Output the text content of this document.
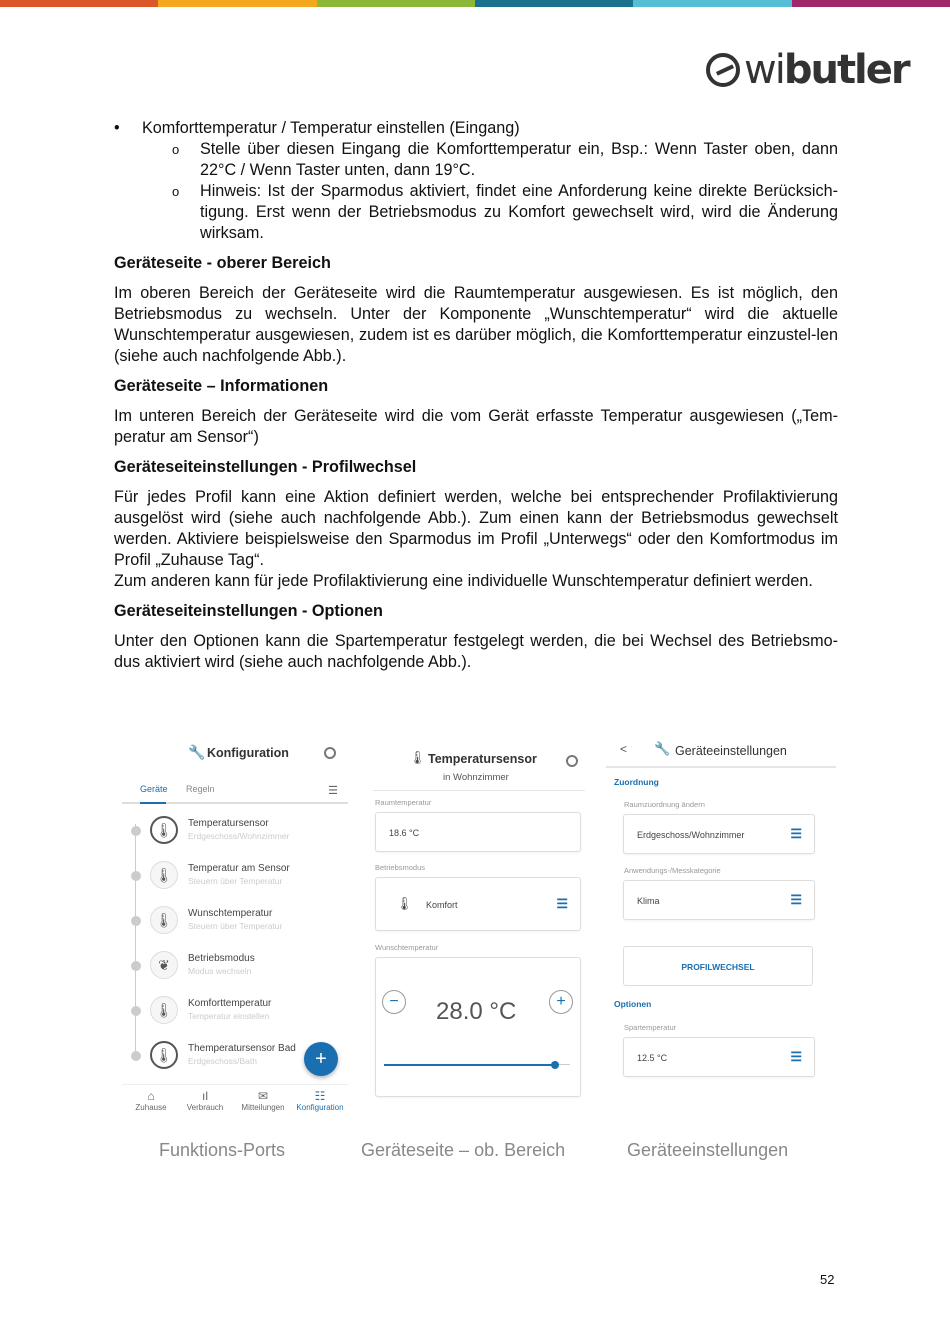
wibutler
• Komforttemperatur / Temperatur einstellen (Eingang)
o Stelle über diesen Eingang die Komforttemperatur ein, Bsp.: Wenn Taster oben, dann 22°C / Wenn Taster unten, dann 19°C.
o Hinweis: Ist der Sparmodus aktiviert, findet eine Anforderung keine direkte Berücksich-tigung. Erst wenn der Betriebsmodus zu Komfort gewechselt wird, wird die Änderung wirksam.
Geräteseite - oberer Bereich

Im oberen Bereich der Geräteseite wird die Raumtemperatur ausgewiesen. Es ist möglich, den Betriebsmodus zu wechseln. Unter der Komponente „Wunschtemperatur“ wird die aktuelle Wunschtemperatur ausgewiesen, zudem ist es darüber möglich, die Komforttemperatur einzustel-len (siehe auch nachfolgende Abb.).

Geräteseite – Informationen

Im unteren Bereich der Geräteseite wird die vom Gerät erfasste Temperatur ausgewiesen („Tem-peratur am Sensor“)

Geräteseiteinstellungen - Profilwechsel

Für jedes Profil kann eine Aktion definiert werden, welche bei entsprechender Profilaktivierung ausgelöst wird (siehe auch nachfolgende Abb.). Zum einen kann der Betriebsmodus gewechselt werden. Aktiviere beispielsweise den Sparmodus im Profil „Unterwegs“ oder den Komfortmodus im Profil „Zuhause Tag“.

Zum anderen kann für jede Profilaktivierung eine individuelle Wunschtemperatur definiert werden.

Geräteseiteinstellungen - Optionen

Unter den Optionen kann die Spartemperatur festgelegt werden, die bei Wechsel des Betriebsmo-dus aktiviert wird (siehe auch nachfolgende Abb.).

🔧 Konfiguration
Geräte Regeln	☰
🌡	Temperatursensor
Erdgeschoss/Wohnzimmer
🌡	Temperatur am Sensor
Steuern über Temperatur
🌡	Wunschtemperatur
Steuern über Temperatur
❦	Betriebsmodus
Modus wechseln
🌡	Komforttemperatur
Temperatur einstellen
🌡	Themperatursensor Bad
Erdgeschoss/Bath	+
⌂
Zuhause
ıl
Verbrauch
✉
Mitteilungen
☷
Konfiguration
🌡 Temperatursensor
in Wohnzimmer
Raumtemperatur
18.6 °C
Betriebsmodus
🌡 Komfort	☰
Wunschtemperatur
−	28.0 °C	+
< 🔧 Geräteeinstellungen
Zuordnung
Raumzuordnung ändern
Erdgeschoss/Wohnzimmer	☰
Anwendungs-/Messkategorie
Klima	☰
PROFILWECHSEL
Optionen
Spartemperatur
12.5 °C	☰
Funktions-Ports	Geräteseite – ob. Bereich	Geräteeinstellungen
52
